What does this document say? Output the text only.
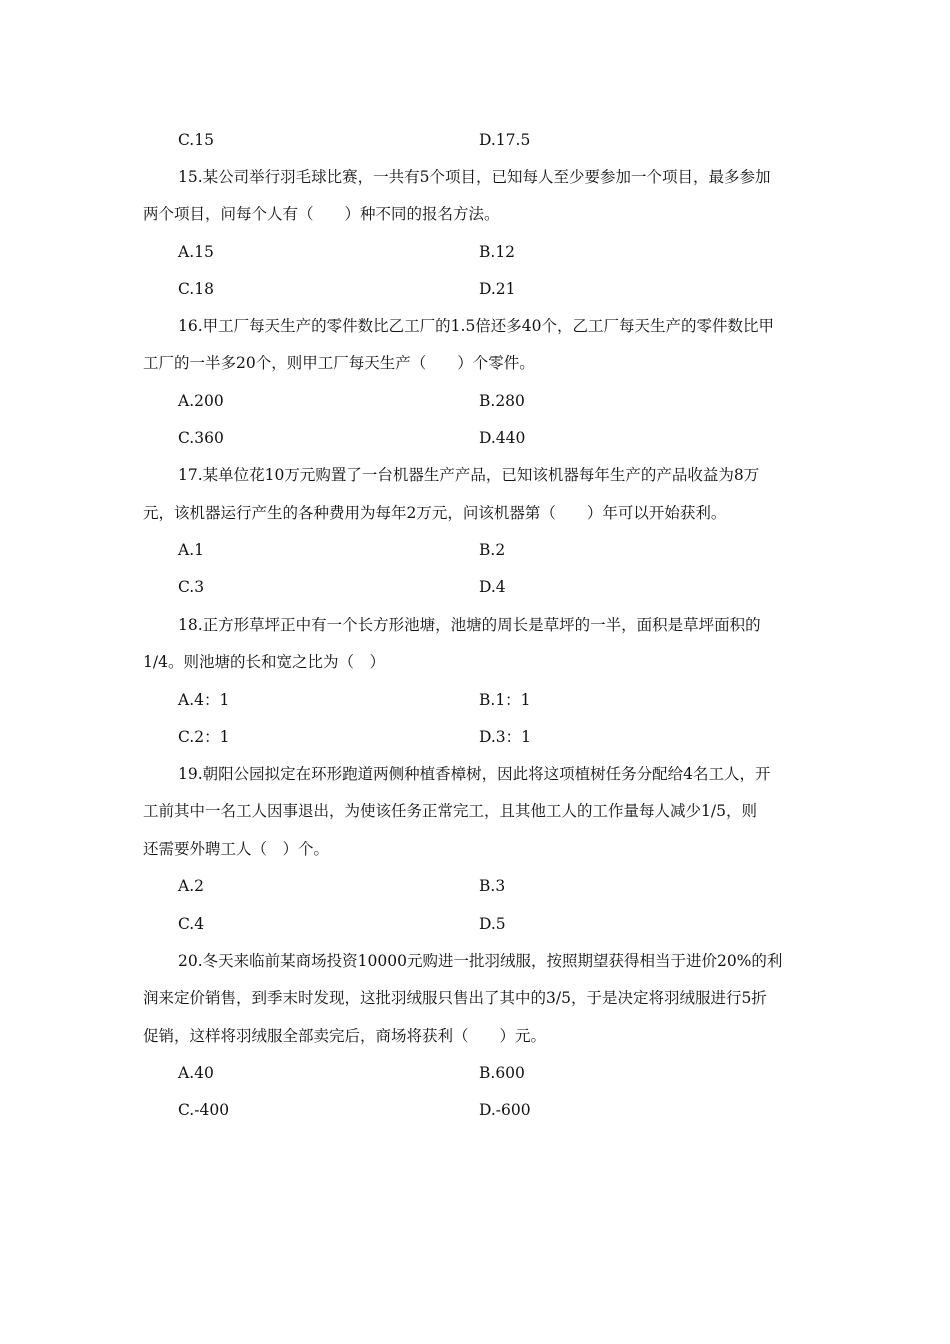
C.15	D.17.5
15.某公司举行羽毛球比赛，一共有5个项目，已知每人至少要参加一个项目，最多参加
两个项目，问每个人有（　　）种不同的报名方法。
A.15	B.12
C.18	D.21
16.甲工厂每天生产的零件数比乙工厂的1.5倍还多40个，乙工厂每天生产的零件数比甲
工厂的一半多20个，则甲工厂每天生产（　　）个零件。
A.200	B.280
C.360	D.440
17.某单位花10万元购置了一台机器生产产品，已知该机器每年生产的产品收益为8万
元，该机器运行产生的各种费用为每年2万元，问该机器第（　　）年可以开始获利。
A.1	B.2
C.3	D.4
18.正方形草坪正中有一个长方形池塘，池塘的周长是草坪的一半，面积是草坪面积的
1/4。则池塘的长和宽之比为（　）
A.4：1	B.1：1
C.2：1	D.3：1
19.朝阳公园拟定在环形跑道两侧种植香樟树，因此将这项植树任务分配给4名工人，开
工前其中一名工人因事退出，为使该任务正常完工，且其他工人的工作量每人减少1/5，则
还需要外聘工人（　）个。
A.2	B.3
C.4	D.5
20.冬天来临前某商场投资10000元购进一批羽绒服，按照期望获得相当于进价20%的利
润来定价销售，到季末时发现，这批羽绒服只售出了其中的3/5，于是决定将羽绒服进行5折
促销，这样将羽绒服全部卖完后，商场将获利（　　）元。
A.40	B.600
C.-400	D.-600
